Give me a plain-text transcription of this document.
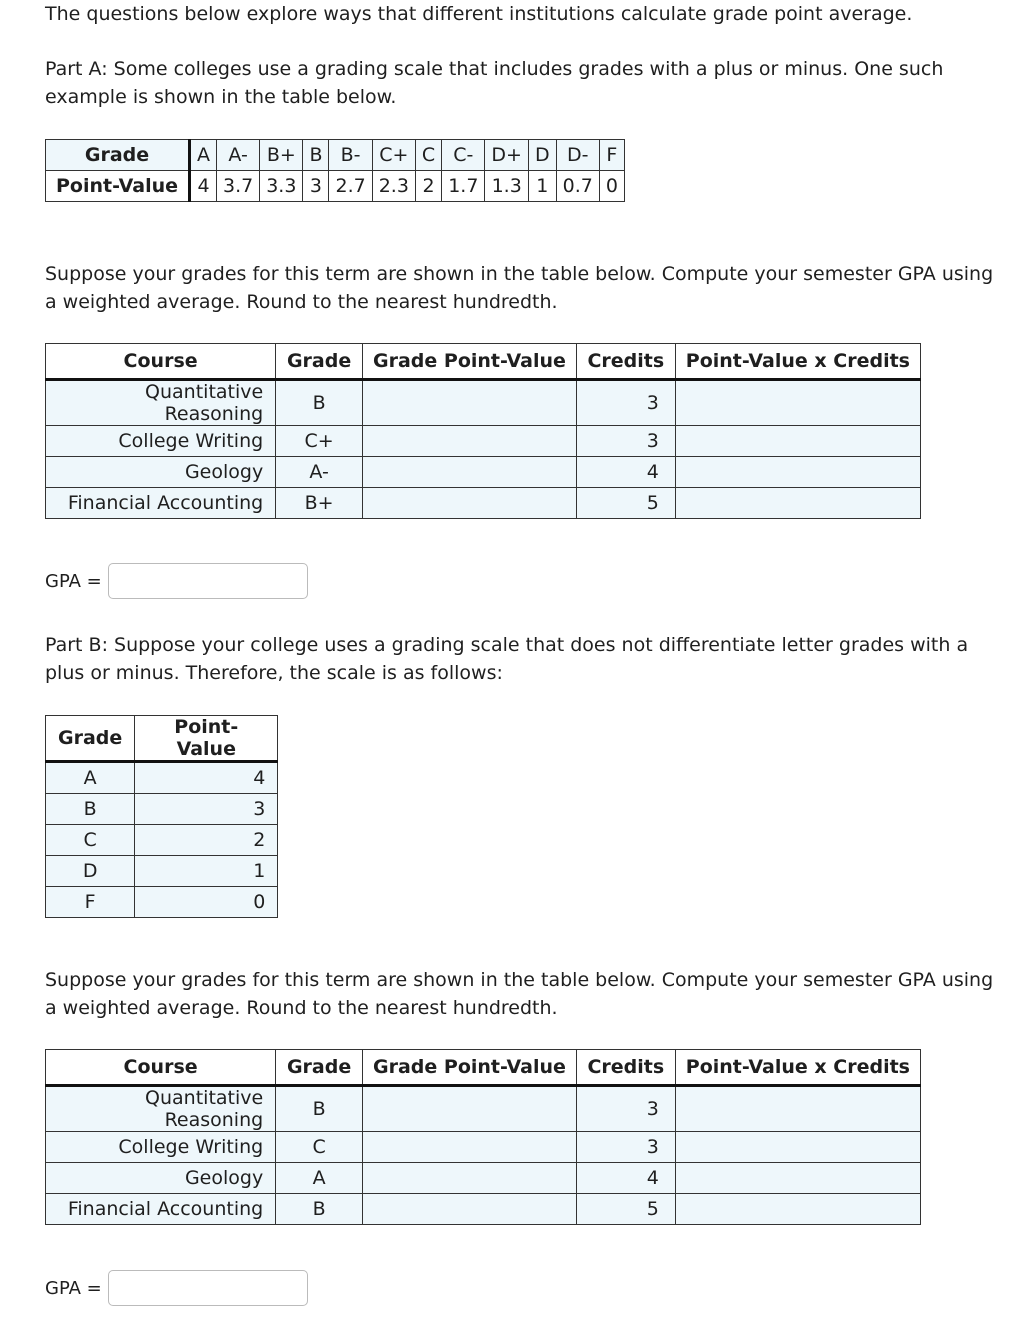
The questions below explore ways that different institutions calculate grade point average.

Part A: Some colleges use a grading scale that includes grades with a plus or minus. One such example is shown in the table below.

Grade	A	A-	B+	B	B-	C+	C	C-	D+	D	D-	F
Point-Value	4	3.7	3.3	3	2.7	2.3	2	1.7	1.3	1	0.7	0

Suppose your grades for this term are shown in the table below. Compute your semester GPA using a weighted average. Round to the nearest hundredth.

Course	Grade	Grade Point-Value	Credits	Point-Value x Credits
Quantitative Reasoning	B		3	
College Writing	C+		3	
Geology	A-		4	
Financial Accounting	B+		5	
GPA =

Part B: Suppose your college uses a grading scale that does not differentiate letter grades with a plus or minus. Therefore, the scale is as follows:

Grade	Point-Value
A	4
B	3
C	2
D	1
F	0

Suppose your grades for this term are shown in the table below. Compute your semester GPA using a weighted average. Round to the nearest hundredth.

Course	Grade	Grade Point-Value	Credits	Point-Value x Credits
Quantitative Reasoning	B		3	
College Writing	C		3	
Geology	A		4	
Financial Accounting	B		5	
GPA =
